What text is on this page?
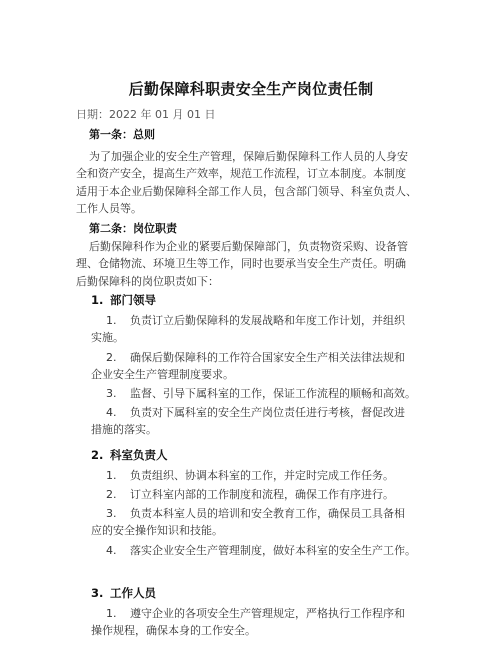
后勤保障科职责安全生产岗位责任制
日期：2022 年 01 月 01 日
第一条：总则
为了加强企业的安全生产管理，保障后勤保障科工作人员的人身安
全和资产安全，提高生产效率，规范工作流程，订立本制度。本制度
适用于本企业后勤保障科全部工作人员，包含部门领导、科室负责人、
工作人员等。
第二条：岗位职责
后勤保障科作为企业的紧要后勤保障部门，负责物资采购、设备管
理、仓储物流、环境卫生等工作，同时也要承当安全生产责任。明确
后勤保障科的岗位职责如下：
1. 部门领导
1. 负责订立后勤保障科的发展战略和年度工作计划，并组织
实施。
2. 确保后勤保障科的工作符合国家安全生产相关法律法规和
企业安全生产管理制度要求。
3. 监督、引导下属科室的工作，保证工作流程的顺畅和高效。
4. 负责对下属科室的安全生产岗位责任进行考核，督促改进
措施的落实。
2. 科室负责人
1. 负责组织、协调本科室的工作，并定时完成工作任务。
2. 订立科室内部的工作制度和流程，确保工作有序进行。
3. 负责本科室人员的培训和安全教育工作，确保员工具备相
应的安全操作知识和技能。
4. 落实企业安全生产管理制度，做好本科室的安全生产工作。
3. 工作人员
1. 遵守企业的各项安全生产管理规定，严格执行工作程序和
操作规程，确保本身的工作安全。
